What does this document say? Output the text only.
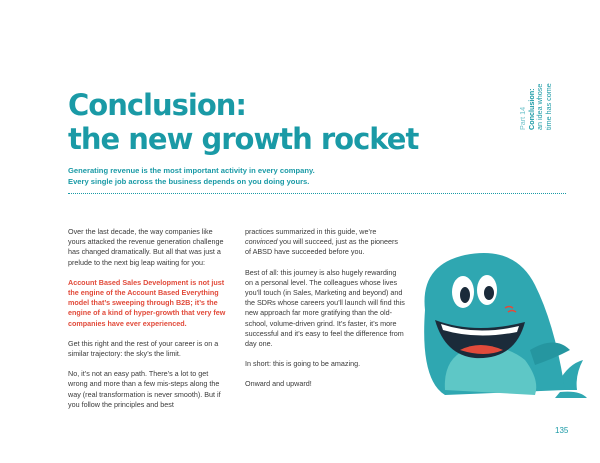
Conclusion:
the new growth rocket
Part 14 Conclusion: an idea whose time has come
Generating revenue is the most important activity in every company.
Every single job across the business depends on you doing yours.

Over the last decade, the way companies like yours attacked the revenue generation challenge has changed dramatically. But all that was just a prelude to the next big leap waiting for you:

Account Based Sales Development is not just the engine of the Account Based Everything model that’s sweeping through B2B; it’s the engine of a kind of hyper-growth that very few companies have ever experienced.

Get this right and the rest of your career is on a similar trajectory: the sky’s the limit.

No, it’s not an easy path. There’s a lot to get wrong and more than a few mis-steps along the way (real transformation is never smooth). But if you follow the principles and best

practices summarized in this guide, we’re convinced you will succeed, just as the pioneers of ABSD have succeeded before you.

Best of all: this journey is also hugely rewarding on a personal level. The colleagues whose lives you’ll touch (in Sales, Marketing and beyond) and the SDRs whose careers you’ll launch will find this new approach far more gratifying than the old-school, volume-driven grind. It’s faster, it’s more successful and it’s easy to feel the difference from day one.

In short: this is going to be amazing.

Onward and upward!

135
